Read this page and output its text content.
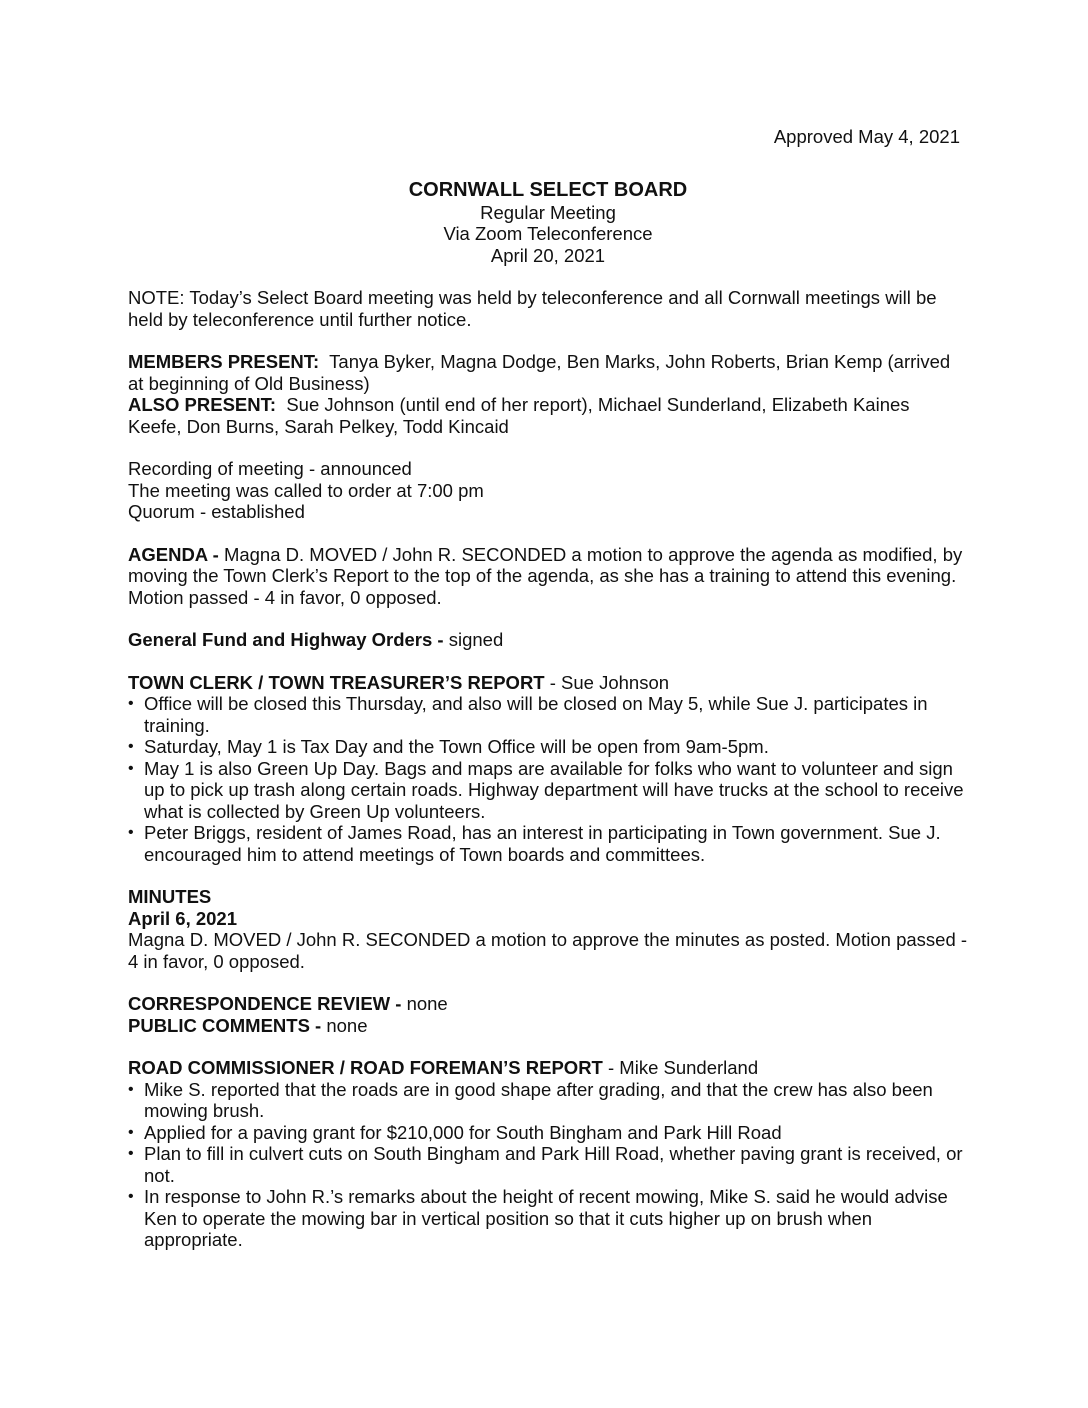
Approved May 4, 2021

CORNWALL SELECT BOARD
Regular Meeting
Via Zoom Teleconference
April 20, 2021

NOTE: Today’s Select Board meeting was held by teleconference and all Cornwall meetings will be held by teleconference until further notice.

MEMBERS PRESENT: Tanya Byker, Magna Dodge, Ben Marks, John Roberts, Brian Kemp (arrived at beginning of Old Business)

ALSO PRESENT: Sue Johnson (until end of her report), Michael Sunderland, Elizabeth Kaines Keefe, Don Burns, Sarah Pelkey, Todd Kincaid

Recording of meeting - announced
The meeting was called to order at 7:00 pm
Quorum - established

AGENDA - Magna D. MOVED / John R. SECONDED a motion to approve the agenda as modified, by moving the Town Clerk’s Report to the top of the agenda, as she has a training to attend this evening. Motion passed - 4 in favor, 0 opposed.

General Fund and Highway Orders - signed

TOWN CLERK / TOWN TREASURER’S REPORT - Sue Johnson
• Office will be closed this Thursday, and also will be closed on May 5, while Sue J. participates in training.
• Saturday, May 1 is Tax Day and the Town Office will be open from 9am-5pm.
• May 1 is also Green Up Day. Bags and maps are available for folks who want to volunteer and sign up to pick up trash along certain roads. Highway department will have trucks at the school to receive what is collected by Green Up volunteers.
• Peter Briggs, resident of James Road, has an interest in participating in Town government. Sue J. encouraged him to attend meetings of Town boards and committees.
MINUTES
April 6, 2021
Magna D. MOVED / John R. SECONDED a motion to approve the minutes as posted. Motion passed - 4 in favor, 0 opposed.
CORRESPONDENCE REVIEW - none
PUBLIC COMMENTS - none
ROAD COMMISSIONER / ROAD FOREMAN’S REPORT - Mike Sunderland
• Mike S. reported that the roads are in good shape after grading, and that the crew has also been mowing brush.
• Applied for a paving grant for $210,000 for South Bingham and Park Hill Road
• Plan to fill in culvert cuts on South Bingham and Park Hill Road, whether paving grant is received, or not.
• In response to John R.’s remarks about the height of recent mowing, Mike S. said he would advise Ken to operate the mowing bar in vertical position so that it cuts higher up on brush when appropriate.
